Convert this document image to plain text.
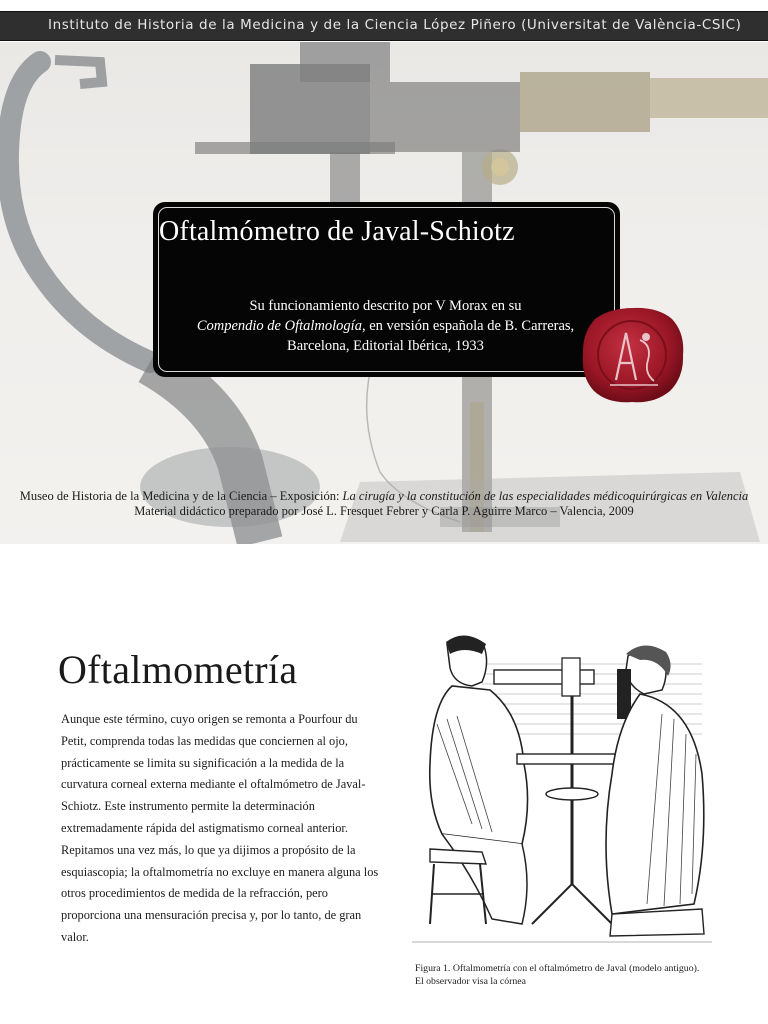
Instituto de Historia de la Medicina y de la Ciencia López Piñero (Universitat de València-CSIC)
Oftalmómetro de Javal-Schiotz
Su funcionamiento descrito por V Morax en su
Compendio de Oftalmología, en versión española de B. Carreras,
Barcelona, Editorial Ibérica, 1933
Museo de Historia de la Medicina y de la Ciencia – Exposición: La cirugía y la constitución de las especialidades médicoquirúrgicas en Valencia
Material didáctico preparado por José L. Fresquet Febrer y Carla P. Aguirre Marco – Valencia, 2009
Oftalmometría
Aunque este término, cuyo origen se remonta a Pourfour du Petit, comprenda todas las medidas que conciernen al ojo, prácticamente se limita su significación a la medida de la curvatura corneal externa mediante el oftalmómetro de Javal-Schiotz. Este instrumento permite la determinación extremadamente rápida del astigmatismo corneal anterior. Repitamos una vez más, lo que ya dijimos a propósito de la esquiascopia; la oftalmometría no excluye en manera alguna los otros procedimientos de medida de la refracción, pero proporciona una mensuración precisa y, por lo tanto, de gran valor.
Figura 1. Oftalmometría con el oftalmómetro de Javal (modelo antiguo).
El observador visa la córnea
